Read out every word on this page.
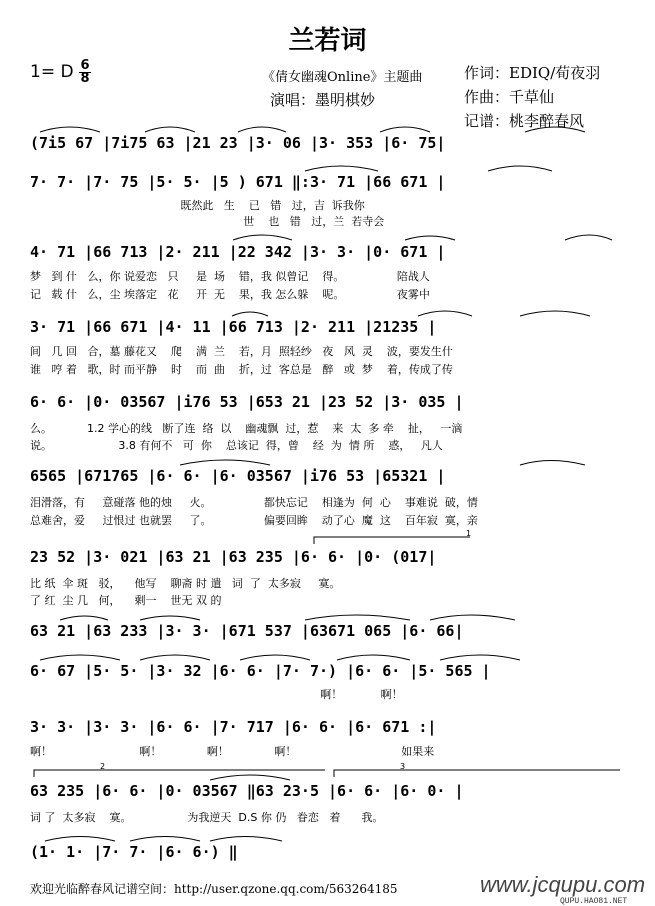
兰若词
1= D 6
8	《倩女幽魂Online》主题曲
演唱：墨明棋妙
作词：EDIQ/荀夜羽
作曲：千草仙
记谱：桃李醉春风
(7i5 67 |7i75 63 |21 23 |3· 06 |3· 353 |6· 75|
7· 7· |7· 75 |5· 5· |5 ) 671 ‖:3· 71 |66 671 |
既然此   生    已   错   过，吉  诉我你
世    也   错   过，兰  若寺会
4· 71 |66 713 |2· 211 |22 342 |3· 3· |0· 671 |
梦   到 什   么，你 说爱恋   只     是  场    错，我 似曾记    得。               陪战人
记   载 什   么，尘 埃落定   花     开  无    果，我 怎么躲    呢。               夜雾中
3· 71 |66 671 |4· 11 |66 713 |2· 211 |21235 |
间   几 回   合，墓 藤花又    爬    满  兰    若，月  照轻纱   夜   风  灵    波，要发生什
谁   哼 着   歌，时 而平静    时    而  曲    折，过  客总是   醉   或  梦    着，传成了传
6· 6· |0· 03567 |i76 53 |653 21 |23 52 |3· 035 |
么。          1.2 学心的线   断了连  络  以    幽魂飘  过，惹    来  太  多 牵    扯，   一滴
说。                   3.8 有何不   可  你    总该记  得，曾    经  为  情 所    惑，   凡人
6565 |671765 |6· 6· |6· 03567 |i76 53 |65321 |
泪滑落，有     意碰落 他的烛     火。               都快忘记    相逢为  何  心    事难说  破，情
总难舍，爱     过恨过 也就罢     了。               偏要回眸    动了心  魔  这    百年寂  寞，亲
23 52 |3· 021 |63 21 |63 235 |6· 6· |0· (017|
比 纸  伞 斑   驳，    他写    聊斋 时 遣   词  了  太多寂     寞。
了 红  尘 几   何，    剩一    世无 双 的
63 21 |63 233 |3· 3· |671 537 |63671 065 |6· 66|
6· 67 |5· 5· |3· 32 |6· 6· |7· 7·) |6· 6· |5· 565 |
啊！           啊！
3· 3· |3· 3· |6· 6· |7· 717 |6· 6· |6· 671 :|
啊！                         啊！             啊！             啊！                              如果来
63 235 |6· 6· |0· 03567 ‖63 23·5 |6· 6· |6· 0· |
词 了  太多寂    寞。                为我逆天  D.S 你 仍   眷恋   着      我。
(1· 1· |7· 7· |6· 6·) ‖
1
2	3
欢迎光临醉春风记谱空间：http://user.qzone.qq.com/563264185	www.jcqupu.com
QUPU.HAO81.NET
